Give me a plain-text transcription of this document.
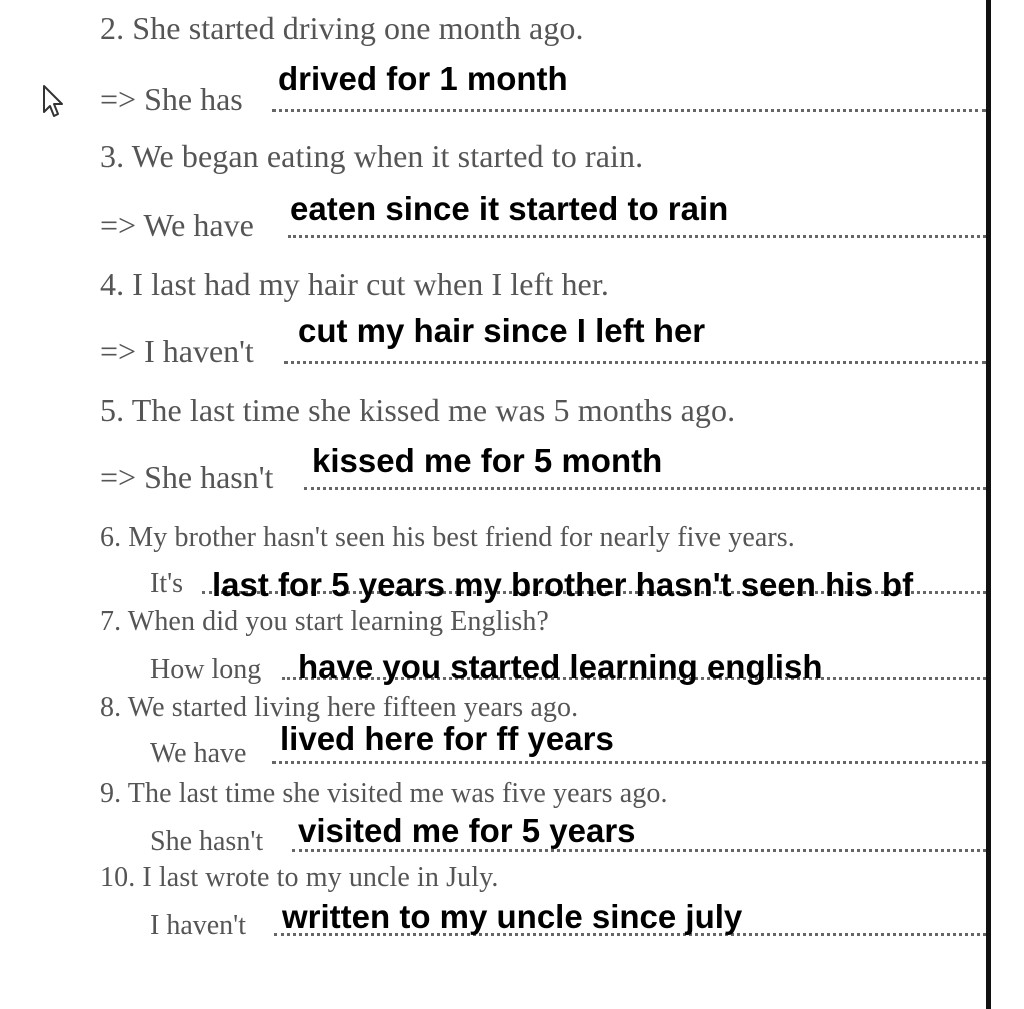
2. She started driving one month ago.
=> She has
drived for 1 month
3. We began eating when it started to rain.
=> We have eaten since it started to rain
4. I last had my hair cut when I left her.
=> I haven't
cut my hair since I left her
5. The last time she kissed me was 5 months ago.
=> She hasn't kissed me for 5 month
6. My brother hasn't seen his best friend for nearly five years.
It's last for 5 years my brother hasn't seen his bf
7. When did you start learning English?
How long have you started learning english
8. We started living here fifteen years ago.
We have lived here for ff years
9. The last time she visited me was five years ago.
She hasn't visited me for 5 years
10. I last wrote to my uncle in July.
I haven't written to my uncle since july
